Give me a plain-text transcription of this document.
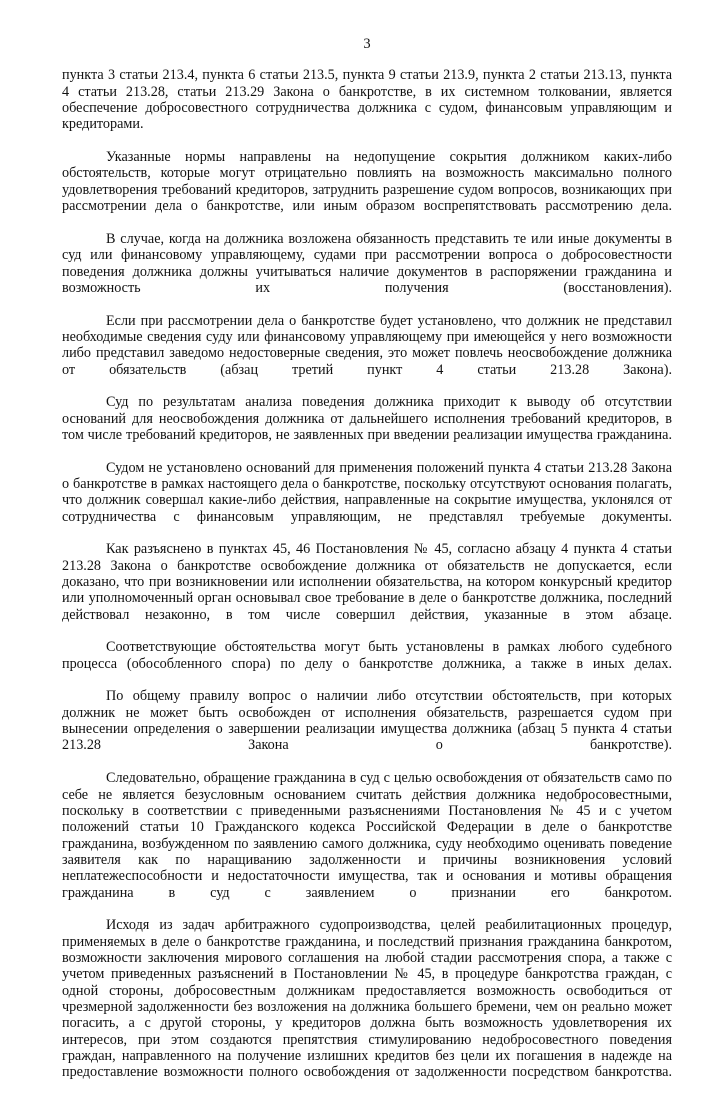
3

пункта 3 статьи 213.4, пункта 6 статьи 213.5, пункта 9 статьи 213.9, пункта 2 статьи 213.13, пункта 4 статьи 213.28, статьи 213.29 Закона о банкротстве, в их системном толковании, является обеспечение добросовестного сотрудничества должника с судом, финансовым управляющим и кредиторами.

Указанные нормы направлены на недопущение сокрытия должником каких-либо обстоятельств, которые могут отрицательно повлиять на возможность максимально полного удовлетворения требований кредиторов, затруднить разрешение судом вопросов, возникающих при рассмотрении дела о банкротстве, или иным образом воспрепятствовать рассмотрению дела.

В случае, когда на должника возложена обязанность представить те или иные документы в суд или финансовому управляющему, судами при рассмотрении вопроса о добросовестности поведения должника должны учитываться наличие документов в распоряжении гражданина и возможность их получения (восстановления).

Если при рассмотрении дела о банкротстве будет установлено, что должник не представил необходимые сведения суду или финансовому управляющему при имеющейся у него возможности либо представил заведомо недостоверные сведения, это может повлечь неосвобождение должника от обязательств (абзац третий пункт 4 статьи 213.28 Закона).

Суд по результатам анализа поведения должника приходит к выводу об отсутствии оснований для неосвобождения должника от дальнейшего исполнения требований кредиторов, в том числе требований кредиторов, не заявленных при введении реализации имущества гражданина.

Судом не установлено оснований для применения положений пункта 4 статьи 213.28 Закона о банкротстве в рамках настоящего дела о банкротстве, поскольку отсутствуют основания полагать, что должник совершал какие-либо действия, направленные на сокрытие имущества, уклонялся от сотрудничества с финансовым управляющим, не представлял требуемые документы.

Как разъяснено в пунктах 45, 46 Постановления № 45, согласно абзацу 4 пункта 4 статьи 213.28 Закона о банкротстве освобождение должника от обязательств не допускается, если доказано, что при возникновении или исполнении обязательства, на котором конкурсный кредитор или уполномоченный орган основывал свое требование в деле о банкротстве должника, последний действовал незаконно, в том числе совершил действия, указанные в этом абзаце.

Соответствующие обстоятельства могут быть установлены в рамках любого судебного процесса (обособленного спора) по делу о банкротстве должника, а также в иных делах.

По общему правилу вопрос о наличии либо отсутствии обстоятельств, при которых должник не может быть освобожден от исполнения обязательств, разрешается судом при вынесении определения о завершении реализации имущества должника (абзац 5 пункта 4 статьи 213.28 Закона о банкротстве).

Следовательно, обращение гражданина в суд с целью освобождения от обязательств само по себе не является безусловным основанием считать действия должника недобросовестными, поскольку в соответствии с приведенными разъяснениями Постановления № 45 и с учетом положений статьи 10 Гражданского кодекса Российской Федерации в деле о банкротстве гражданина, возбужденном по заявлению самого должника, суду необходимо оценивать поведение заявителя как по наращиванию задолженности и причины возникновения условий неплатежеспособности и недостаточности имущества, так и основания и мотивы обращения гражданина в суд с заявлением о признании его банкротом.

Исходя из задач арбитражного судопроизводства, целей реабилитационных процедур, применяемых в деле о банкротстве гражданина, и последствий признания гражданина банкротом, возможности заключения мирового соглашения на любой стадии рассмотрения спора, а также с учетом приведенных разъяснений в Постановлении № 45, в процедуре банкротства граждан, с одной стороны, добросовестным должникам предоставляется возможность освободиться от чрезмерной задолженности без возложения на должника большего бремени, чем он реально может погасить, а с другой стороны, у кредиторов должна быть возможность удовлетворения их интересов, при этом создаются препятствия стимулированию недобросовестного поведения граждан, направленного на получение излишних кредитов без цели их погашения в надежде на предоставление возможности полного освобождения от задолженности посредством банкротства.
